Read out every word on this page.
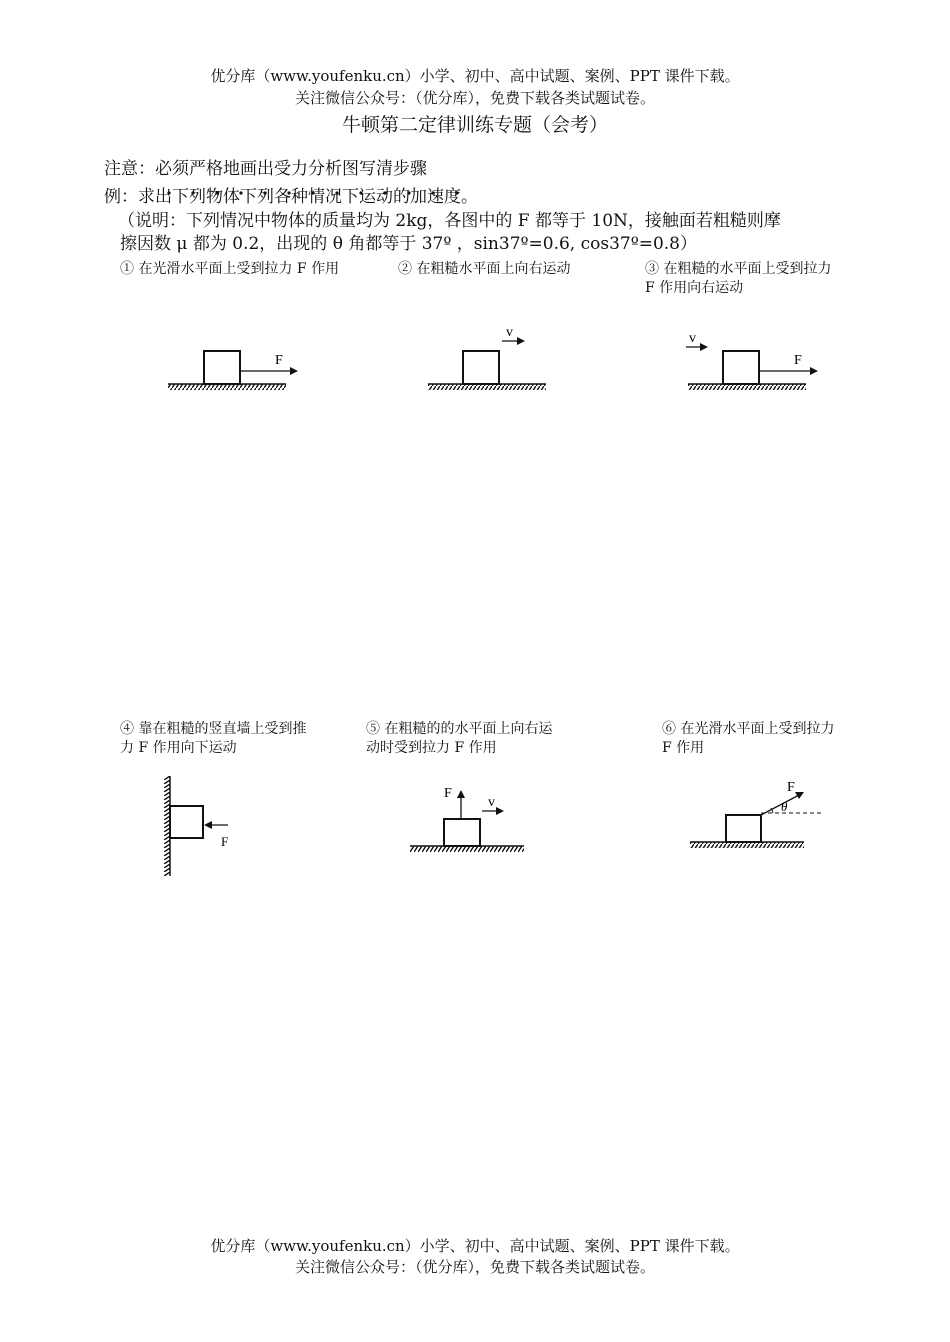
优分库（www.youfenku.cn）小学、初中、高中试题、案例、PPT 课件下载。
关注微信公众号：（优分库），免费下载各类试题试卷。
牛顿第二定律训练专题（会考）
注意：必须严格地画出受力分析图写清步骤
例：求出下列物体下列各种情况下运动的加速度。
（说明：下列情况中物体的质量均为 2kg，各图中的 F 都等于 10N，接触面若粗糙则摩
擦因数 μ 都为 0.2，出现的 θ 角都等于 37º ，sin37º=0.6, cos37º=0.8）
① 在光滑水平面上受到拉力 F 作用	② 在粗糙水平面上向右运动	③ 在粗糙的水平面上受到拉力 F 作用向右运动
F
v	v
F
④ 靠在粗糙的竖直墙上受到推力 F 作用向下运动
⑤ 在粗糙的的水平面上向右运动时受到拉力 F 作用
⑥ 在光滑水平面上受到拉力 F 作用
F
F
v
F
θ
优分库（www.youfenku.cn）小学、初中、高中试题、案例、PPT 课件下载。
关注微信公众号：（优分库），免费下载各类试题试卷。
